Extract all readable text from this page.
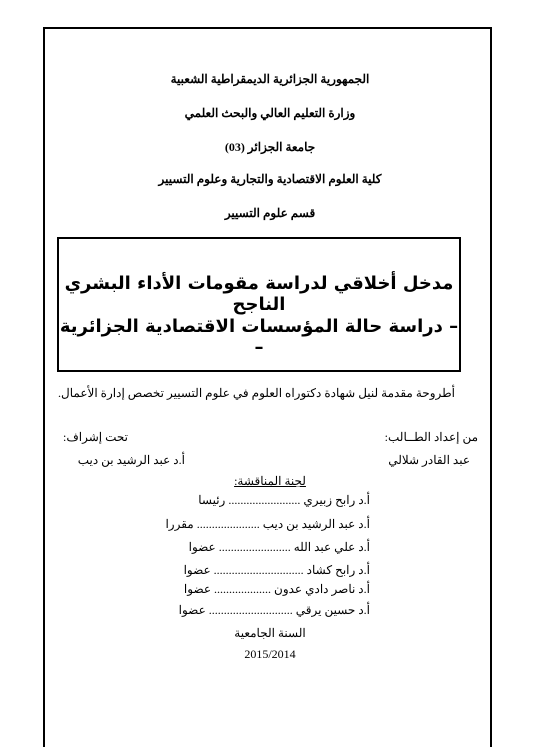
الجمهورية الجزائرية الديمقراطية الشعبية
وزارة التعليم العالي والبحث العلمي
جامعة الجزائر (03)
كلية العلوم الاقتصادية والتجارية وعلوم التسيير
قسم علوم التسيير
مدخل أخلاقي لدراسة مقومات الأداء البشري الناجح
– دراسة حالة المؤسسات الاقتصادية الجزائرية –
أطروحة مقدمة لنيل شهادة دكتوراه العلوم في علوم التسيير تخصص إدارة الأعمال.
من إعداد الطــالب:
عبد القادر شلالي
تحت إشراف:
أ.د عبد الرشيد بن ديب
لجنة المناقشة:
أ.د رابح زبيري ........................ رئيسا
أ.د عبد الرشيد بن ديب ..................... مقررا
أ.د علي عبد الله ........................ عضوا
أ.د رابح كشاد .............................. عضوا
أ.د ناصر دادي عدون ................... عضوا
أ.د حسين يرقي ............................ عضوا
السنة الجامعية
2015/2014
